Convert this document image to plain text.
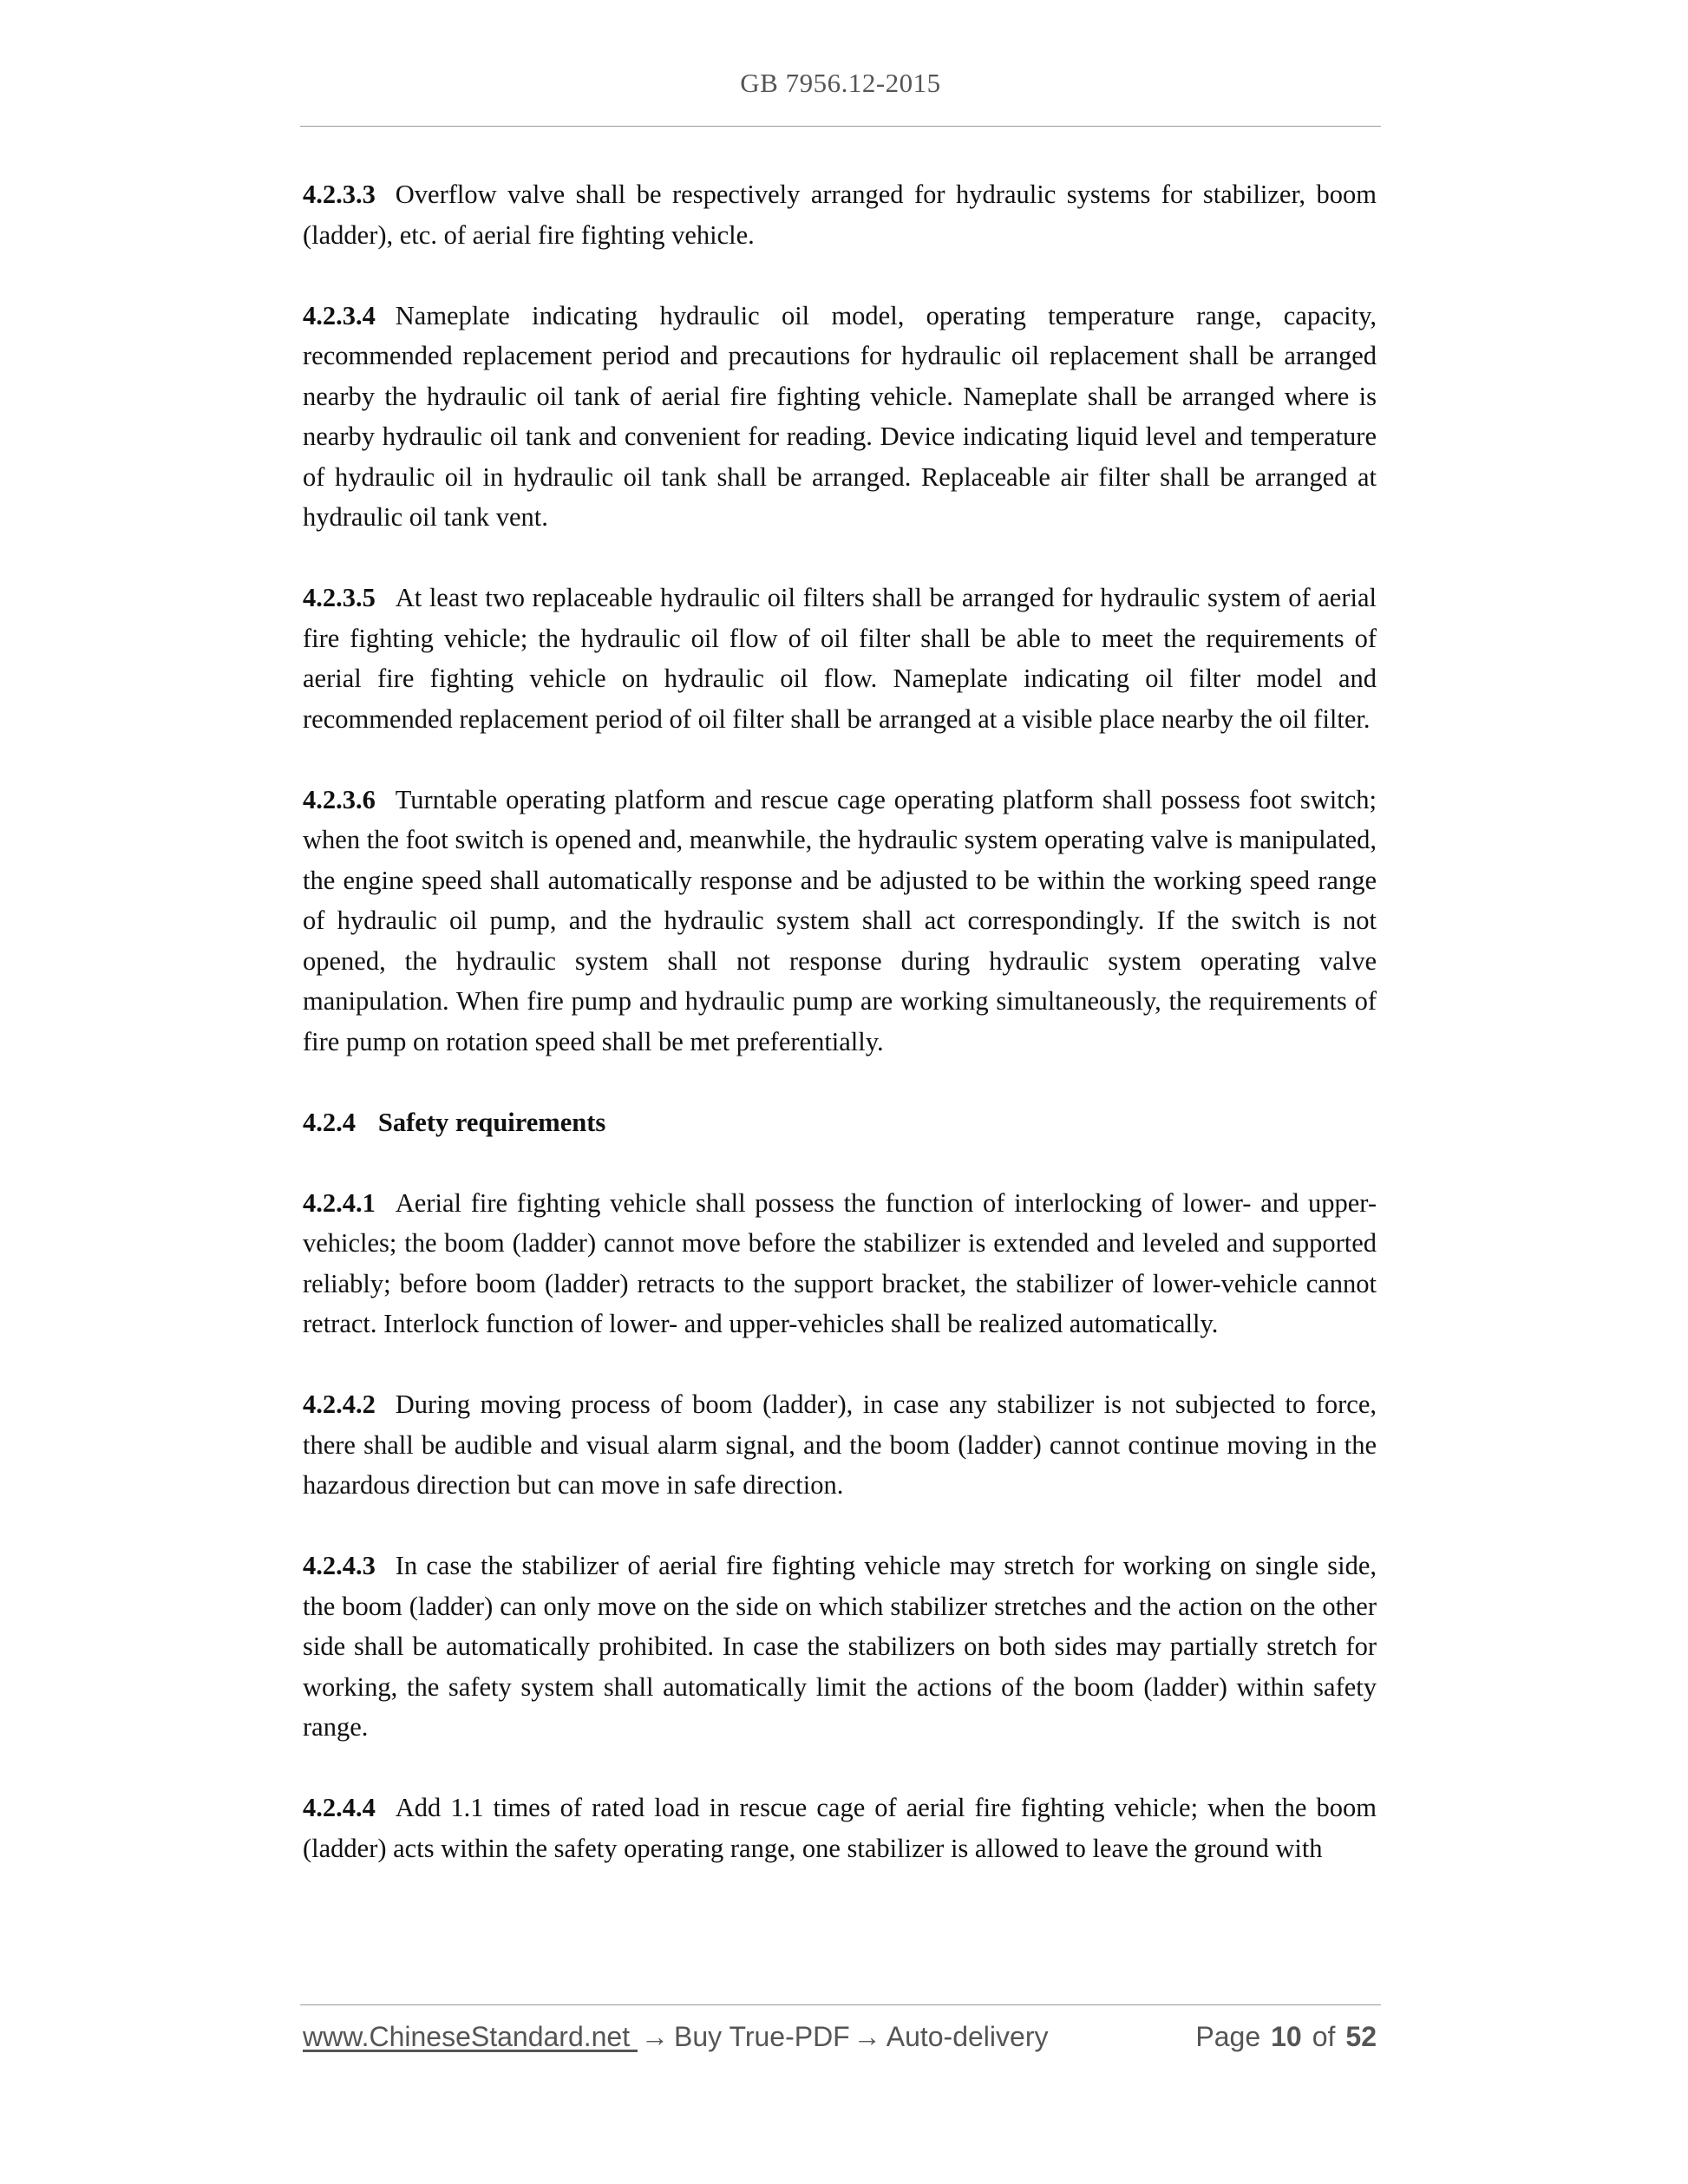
GB 7956.12-2015

4.2.3.3 Overflow valve shall be respectively arranged for hydraulic systems for stabilizer, boom (ladder), etc. of aerial fire fighting vehicle.

4.2.3.4 Nameplate indicating hydraulic oil model, operating temperature range, capacity, recommended replacement period and precautions for hydraulic oil replacement shall be arranged nearby the hydraulic oil tank of aerial fire fighting vehicle. Nameplate shall be arranged where is nearby hydraulic oil tank and convenient for reading. Device indicating liquid level and temperature of hydraulic oil in hydraulic oil tank shall be arranged. Replaceable air filter shall be arranged at hydraulic oil tank vent.

4.2.3.5 At least two replaceable hydraulic oil filters shall be arranged for hydraulic system of aerial fire fighting vehicle; the hydraulic oil flow of oil filter shall be able to meet the requirements of aerial fire fighting vehicle on hydraulic oil flow. Nameplate indicating oil filter model and recommended replacement period of oil filter shall be arranged at a visible place nearby the oil filter.

4.2.3.6 Turntable operating platform and rescue cage operating platform shall possess foot switch; when the foot switch is opened and, meanwhile, the hydraulic system operating valve is manipulated, the engine speed shall automatically response and be adjusted to be within the working speed range of hydraulic oil pump, and the hydraulic system shall act correspondingly. If the switch is not opened, the hydraulic system shall not response during hydraulic system operating valve manipulation. When fire pump and hydraulic pump are working simultaneously, the requirements of fire pump on rotation speed shall be met preferentially.

4.2.4 Safety requirements

4.2.4.1 Aerial fire fighting vehicle shall possess the function of interlocking of lower- and upper-vehicles; the boom (ladder) cannot move before the stabilizer is extended and leveled and supported reliably; before boom (ladder) retracts to the support bracket, the stabilizer of lower-vehicle cannot retract. Interlock function of lower- and upper-vehicles shall be realized automatically.

4.2.4.2 During moving process of boom (ladder), in case any stabilizer is not subjected to force, there shall be audible and visual alarm signal, and the boom (ladder) cannot continue moving in the hazardous direction but can move in safe direction.

4.2.4.3 In case the stabilizer of aerial fire fighting vehicle may stretch for working on single side, the boom (ladder) can only move on the side on which stabilizer stretches and the action on the other side shall be automatically prohibited. In case the stabilizers on both sides may partially stretch for working, the safety system shall automatically limit the actions of the boom (ladder) within safety range.

4.2.4.4 Add 1.1 times of rated load in rescue cage of aerial fire fighting vehicle; when the boom (ladder) acts within the safety operating range, one stabilizer is allowed to leave the ground with

www.ChineseStandard.net → Buy True-PDF → Auto-delivery	Page 10 of 52
